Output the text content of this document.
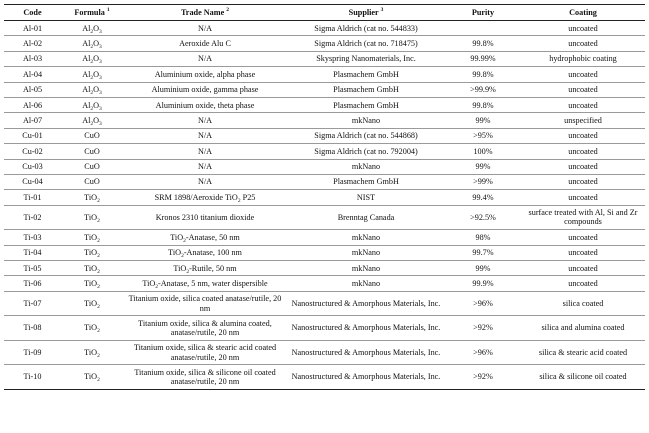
Code	Formula $^1$	Trade Name $^2$	Supplier $^3$	Purity	Coating
Al-01	$Al_2O_3$	N/A	Sigma Aldrich (cat no. 544833)		uncoated
Al-02	$Al_2O_3$	Aeroxide Alu C	Sigma Aldrich (cat no. 718475)	99.8%	uncoated
Al-03	$Al_2O_3$	N/A	Skyspring Nanomaterials, Inc.	99.99%	hydrophobic coating
Al-04	$Al_2O_3$	Aluminium oxide, alpha phase	Plasmachem GmbH	99.8%	uncoated
Al-05	$Al_2O_3$	Aluminium oxide, gamma phase	Plasmachem GmbH	>99.9%	uncoated
Al-06	$Al_2O_3$	Aluminium oxide, theta phase	Plasmachem GmbH	99.8%	uncoated
Al-07	$Al_2O_3$	N/A	mkNano	99%	unspecified
Cu-01	CuO	N/A	Sigma Aldrich (cat no. 544868)	>95%	uncoated
Cu-02	CuO	N/A	Sigma Aldrich (cat no. 792004)	100%	uncoated
Cu-03	CuO	N/A	mkNano	99%	uncoated
Cu-04	CuO	N/A	Plasmachem GmbH	>99%	uncoated
Ti-01	TiO$_2$	SRM 1898/Aeroxide TiO$_2$ P25	NIST	99.4%	uncoated
Ti-02	TiO$_2$	Kronos 2310 titanium dioxide	Brenntag Canada	>92.5%	surface treated with Al, Si and Zr compounds
Ti-03	TiO$_2$	TiO$_2$-Anatase, 50 nm	mkNano	98%	uncoated
Ti-04	TiO$_2$	TiO$_2$-Anatase, 100 nm	mkNano	99.7%	uncoated
Ti-05	TiO$_2$	TiO$_2$-Rutile, 50 nm	mkNano	99%	uncoated
Ti-06	TiO$_2$	TiO$_2$-Anatase, 5 nm, water dispersible	mkNano	99.9%	uncoated
Ti-07	TiO$_2$	Titanium oxide, silica coated anatase/rutile, 20 nm	Nanostructured & Amorphous Materials, Inc.	>96%	silica coated
Ti-08	TiO$_2$	Titanium oxide, silica & alumina coated, anatase/rutile, 20 nm	Nanostructured & Amorphous Materials, Inc.	>92%	silica and alumina coated
Ti-09	TiO$_2$	Titanium oxide, silica & stearic acid coated anatase/rutile, 20 nm	Nanostructured & Amorphous Materials, Inc.	>96%	silica & stearic acid coated
Ti-10	TiO$_2$	Titanium oxide, silica & silicone oil coated anatase/rutile, 20 nm	Nanostructured & Amorphous Materials, Inc.	>92%	silica & silicone oil coated
